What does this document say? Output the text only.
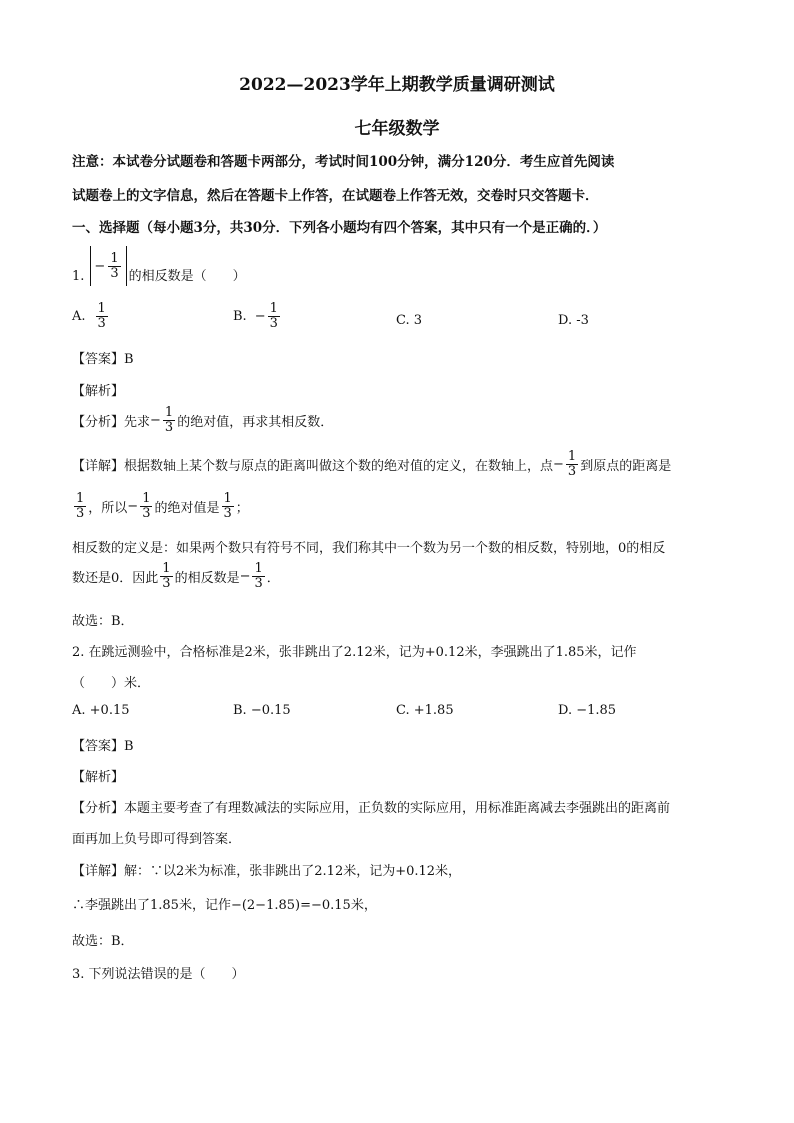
2022—2023学年上期教学质量调研测试
七年级数学
注意：本试卷分试题卷和答题卡两部分，考试时间100分钟，满分120分．考生应首先阅读
试题卷上的文字信息，然后在答题卡上作答，在试题卷上作答无效，交卷时只交答题卡．
一、选择题（每小题3分，共30分．下列各小题均有四个答案，其中只有一个是正确的．）
1.
− $\frac{1}{3}$ 的相反数是（　　）
A. $\frac{1}{3}$	B. − $\frac{1}{3}$	C. 3	D. -3
【答案】B
【解析】
【分析】先求 − $\frac{1}{3}$ 的绝对值，再求其相反数．
【详解】根据数轴上某个数与原点的距离叫做这个数的绝对值的定义，在数轴上，点 − $\frac{1}{3}$ 到原点的距离是
$\frac{1}{3}$ ，所以 − $\frac{1}{3}$ 的绝对值是 $\frac{1}{3}$ ；
相反数的定义是：如果两个数只有符号不同，我们称其中一个数为另一个数的相反数，特别地，0的相反
数还是0．因此 $\frac{1}{3}$ 的相反数是 − $\frac{1}{3}$ ．
故选：B．
2. 在跳远测验中，合格标准是2米，张非跳出了2.12米，记为+0.12米，李强跳出了1.85米，记作
（　　）米．
A. +0.15	B. −0.15	C. +1.85	D. −1.85
【答案】B
【解析】
【分析】本题主要考查了有理数减法的实际应用，正负数的实际应用，用标准距离减去李强跳出的距离前
面再加上负号即可得到答案．
【详解】解：∵以2米为标准，张非跳出了2.12米，记为+0.12米，
∴李强跳出了1.85米，记作−(2−1.85)=−0.15米，
故选：B．
3. 下列说法错误的是（　　）
